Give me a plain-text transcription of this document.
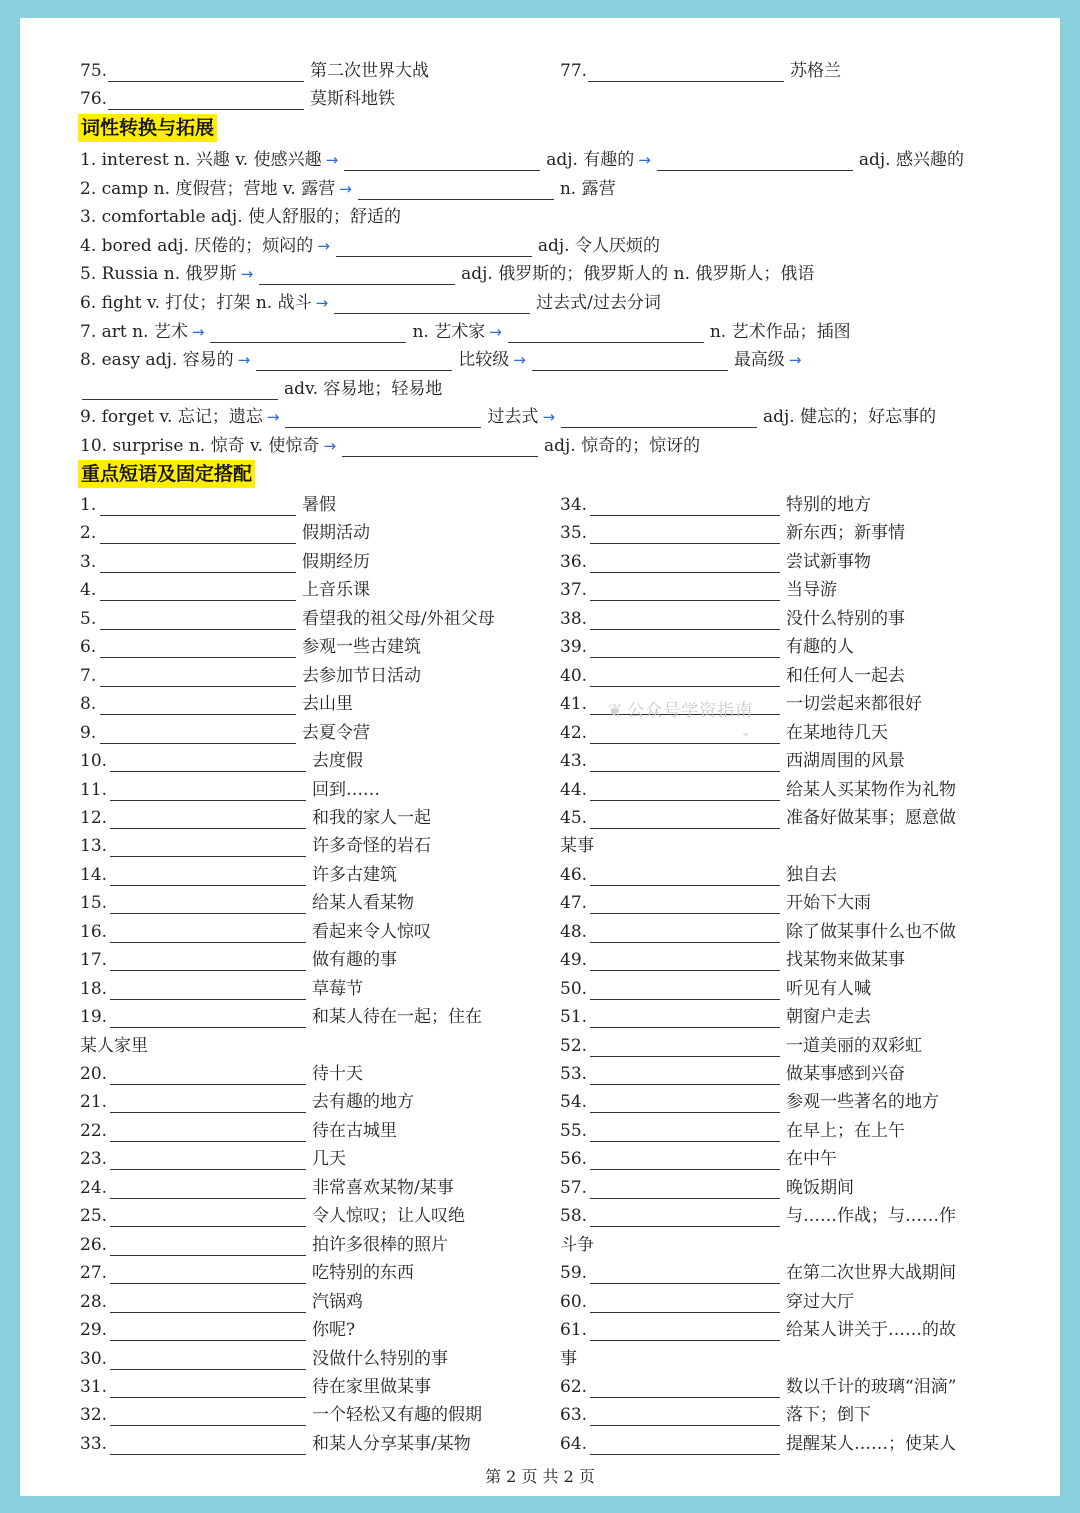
75.	第二次世界大战
76.	莫斯科地铁
77.	苏格兰
词性转换与拓展
1. interest n. 兴趣 v. 使感兴趣 →	adj. 有趣的 →	adj. 感兴趣的
2. camp n. 度假营；营地 v. 露营 →	n. 露营
3. comfortable adj. 使人舒服的；舒适的
4. bored adj. 厌倦的；烦闷的 →	adj. 令人厌烦的
5. Russia n. 俄罗斯 →	adj. 俄罗斯的；俄罗斯人的 n. 俄罗斯人；俄语
6. fight v. 打仗；打架 n. 战斗 →	过去式/过去分词
7. art n. 艺术 →	n. 艺术家 →	n. 艺术作品；插图
8. easy adj. 容易的 →	比较级 →	最高级 →
adv. 容易地；轻易地
9. forget v. 忘记；遗忘 →	过去式 →	adj. 健忘的；好忘事的
10. surprise n. 惊奇 v. 使惊奇 →	adj. 惊奇的；惊讶的
重点短语及固定搭配
1.	暑假
2.	假期活动
3.	假期经历
4.	上音乐课
5.	看望我的祖父母/外祖父母
6.	参观一些古建筑
7.	去参加节日活动
8.	去山里
9.	去夏令营
10.	去度假
11.	回到……
12.	和我的家人一起
13.	许多奇怪的岩石
14.	许多古建筑
15.	给某人看某物
16.	看起来令人惊叹
17.	做有趣的事
18.	草莓节
19.	和某人待在一起；住在
某人家里
20.	待十天
21.	去有趣的地方
22.	待在古城里
23.	几天
24.	非常喜欢某物/某事
25.	令人惊叹；让人叹绝
26.	拍许多很棒的照片
27.	吃特别的东西
28.	汽锅鸡
29.	你呢?
30.	没做什么特别的事
31.	待在家里做某事
32.	一个轻松又有趣的假期
33.	和某人分享某事/某物
34.	特别的地方
35.	新东西；新事情
36.	尝试新事物
37.	当导游
38.	没什么特别的事
39.	有趣的人
40.	和任何人一起去
41.	一切尝起来都很好
42.	在某地待几天
43.	西湖周围的风景
44.	给某人买某物作为礼物
45.	准备好做某事；愿意做
某事
46.	独自去
47.	开始下大雨
48.	除了做某事什么也不做
49.	找某物来做某事
50.	听见有人喊
51.	朝窗户走去
52.	一道美丽的双彩虹
53.	做某事感到兴奋
54.	参观一些著名的地方
55.	在早上；在上午
56.	在中午
57.	晚饭期间
58.	与……作战；与……作
斗争
59.	在第二次世界大战期间
60.	穿过大厅
61.	给某人讲关于……的故
事
62.	数以千计的玻璃“泪滴”
63.	落下；倒下
64.	提醒某人……；使某人
❦ 公众号学资指南
⌄
第 2 页 共 2 页
